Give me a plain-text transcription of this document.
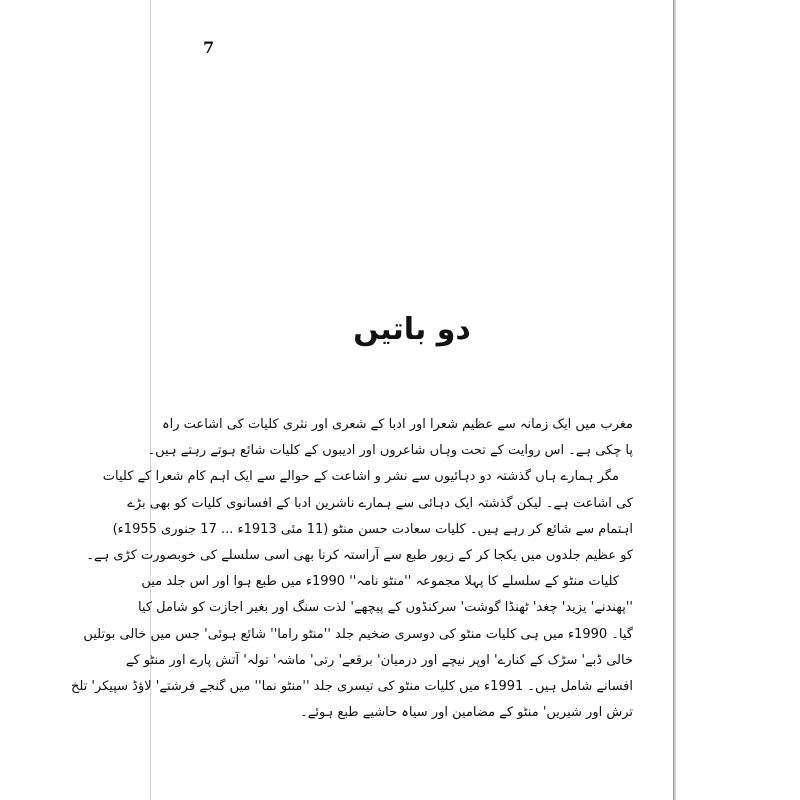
7
دو باتیں
مغرب میں ایک زمانہ سے عظیم شعرا اور ادبا کے شعری اور نثری کلیات کی اشاعت راہ
پا چکی ہے۔ اس روایت کے تحت وہاں شاعروں اور ادیبوں کے کلیات شائع ہوتے رہتے ہیں۔
مگر ہمارے ہاں گذشتہ دو دہائیوں سے نشر و اشاعت کے حوالے سے ایک اہم کام شعرا کے کلیات
کی اشاعت ہے۔ لیکن گذشتہ ایک دہائی سے ہمارے ناشرین ادبا کے افسانوی کلیات کو بھی بڑے
اہتمام سے شائع کر رہے ہیں۔ کلیات سعادت حسن منٹو (11 مئی 1913ء ... 17 جنوری 1955ء)
کو عظیم جلدوں میں یکجا کر کے زیور طبع سے آراستہ کرنا بھی اسی سلسلے کی خوبصورت کڑی ہے۔
کلیات منٹو کے سلسلے کا پہلا مجموعہ ''منٹو نامہ'' 1990ء میں طبع ہوا اور اس جلد میں
''پھندنے' یزید' چغد' ٹھنڈا گوشت' سرکنڈوں کے پیچھے' لذت سنگ اور بغیر اجازت کو شامل کیا
گیا۔ 1990ء میں ہی کلیات منٹو کی دوسری ضخیم جلد ''منٹو راما'' شائع ہوئی' جس میں خالی بوتلیں
خالی ڈبے' سڑک کے کنارے' اوپر نیچے اور درمیان' برقعے' رتی' ماشہ' تولہ' آتش پارے اور منٹو کے
افسانے شامل ہیں۔ 1991ء میں کلیات منٹو کی تیسری جلد ''منٹو نما'' میں گنجے فرشتے' لاؤڈ سپیکر' تلخ
ترش اور شیریں' منٹو کے مضامین اور سیاہ حاشیے طبع ہوئے۔
